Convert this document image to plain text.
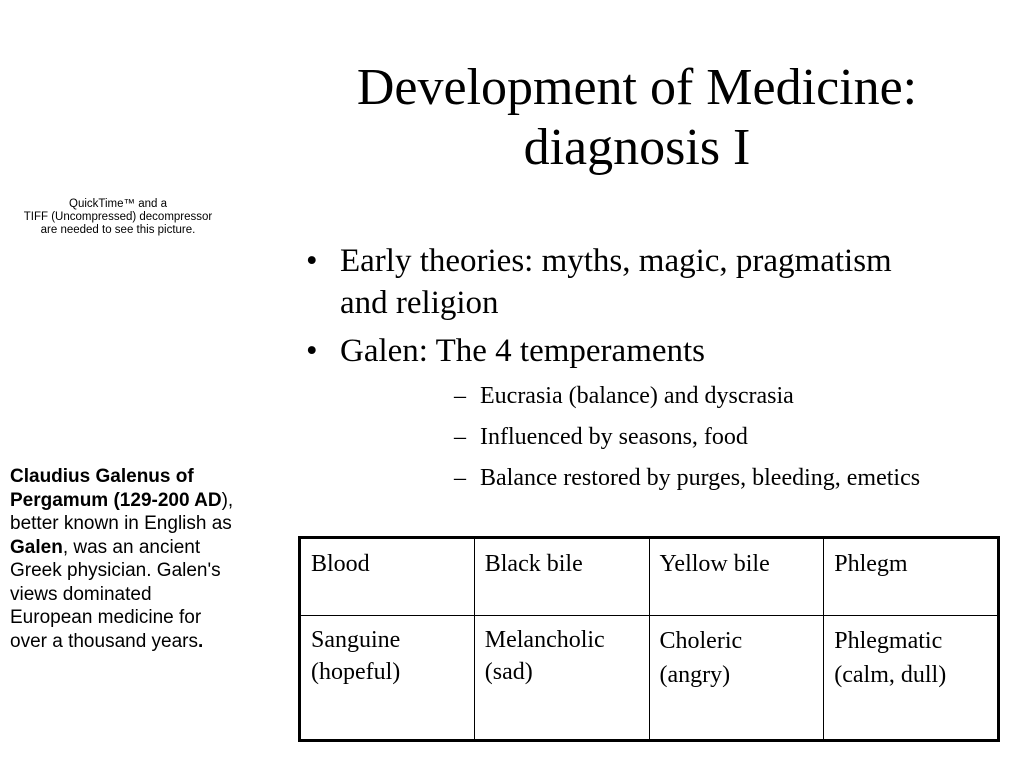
Development of Medicine:
diagnosis I
QuickTime™ and a
TIFF (Uncompressed) decompressor
are needed to see this picture.
• Early theories: myths, magic, pragmatism
and religion
• Galen: The 4 temperaments
– Eucrasia (balance) and dyscrasia
– Influenced by seasons, food
– Balance restored by purges, bleeding, emetics
Claudius Galenus of Pergamum (129-200 AD), better known in English as Galen, was an ancient Greek physician. Galen's views dominated European medicine for over a thousand years.
Blood	Black bile	Yellow bile	Phlegm

Sanguine
(hopeful)	Melancholic
(sad)	Choleric
(angry)	Phlegmatic
(calm, dull)
